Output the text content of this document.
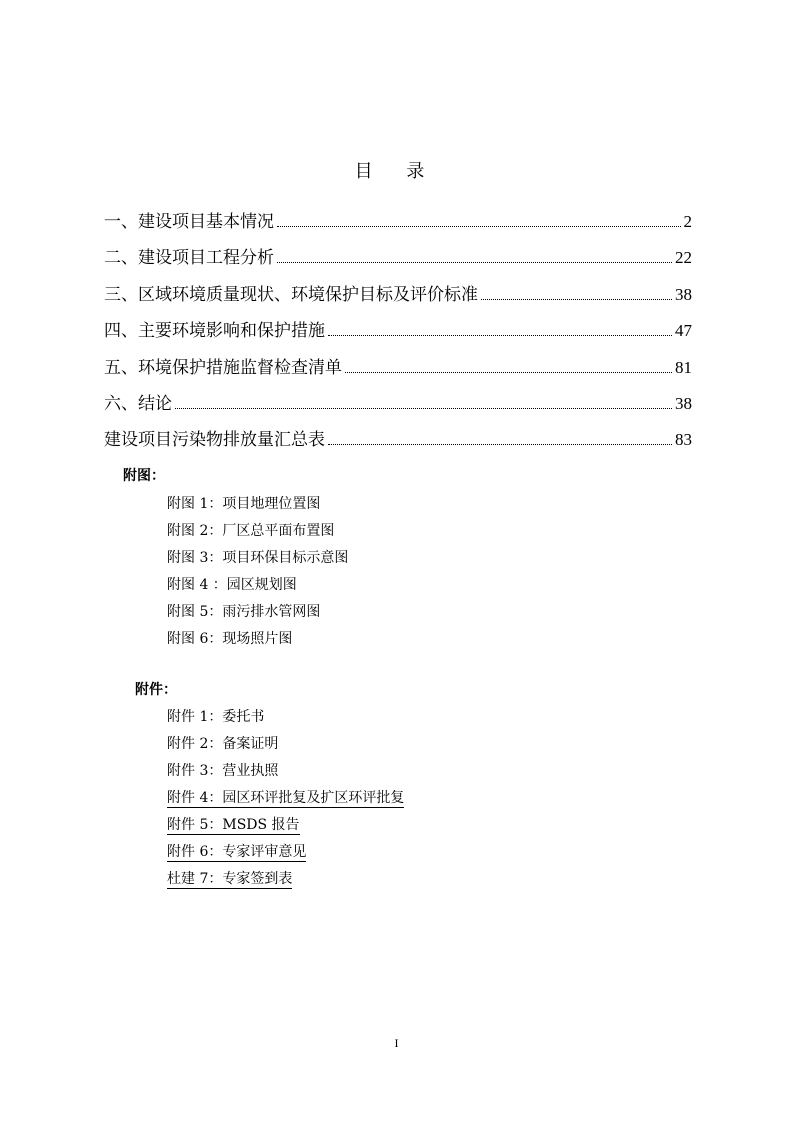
目 录
一、建设项目基本情况	2
二、建设项目工程分析	22
三、区域环境质量现状、环境保护目标及评价标准	38
四、主要环境影响和保护措施	47
五、环境保护措施监督检查清单	81
六、结论	38
建设项目污染物排放量汇总表	83
附图：
附图 1：项目地理位置图
附图 2：厂区总平面布置图
附图 3：项目环保目标示意图
附图 4 ：园区规划图
附图 5：雨污排水管网图
附图 6：现场照片图
附件：
附件 1：委托书
附件 2：备案证明
附件 3：营业执照
附件 4：园区环评批复及扩区环评批复
附件 5：MSDS 报告
附件 6：专家评审意见
杜建 7：专家签到表
I
